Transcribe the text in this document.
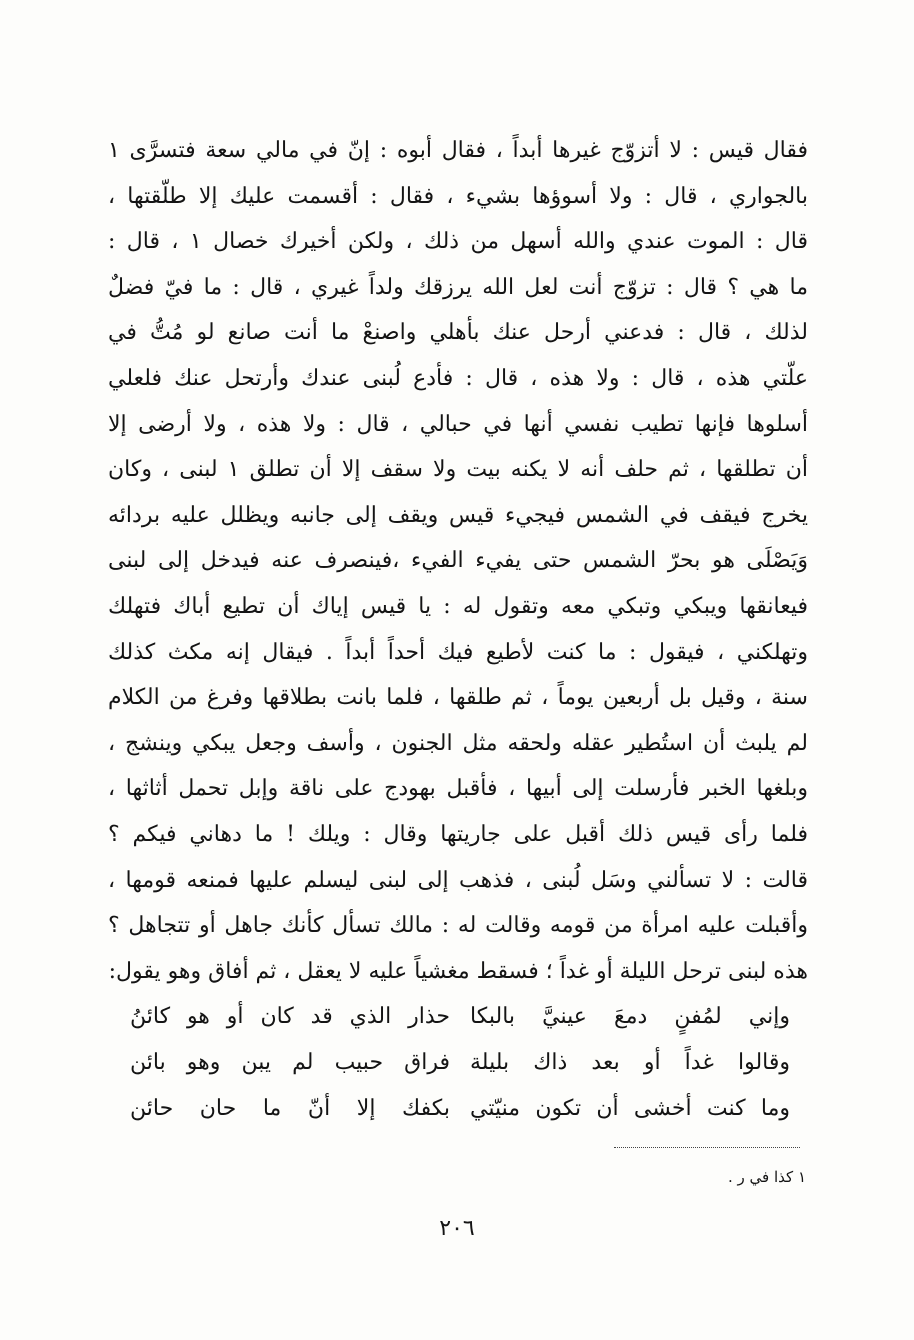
فقال قيس : لا أتزوّج غيرها أبداً ، فقال أبوه : إنّ في مالي سعة فتسرَّى ١
بالجواري ، قال : ولا أسوؤها بشيء ، فقال : أقسمت عليك إلا طلّقتها ،
قال : الموت عندي والله أسهل من ذلك ، ولكن أخيرك خصال ١ ، قال :
ما هي ؟ قال : تزوّج أنت لعل الله يرزقك ولداً غيري ، قال : ما فيّ فضلٌ
لذلك ، قال : فدعني أرحل عنك بأهلي واصنعْ ما أنت صانع لو مُتُّ في
علّتي هذه ، قال : ولا هذه ، قال : فأدع لُبنى عندك وأرتحل عنك فلعلي
أسلوها فإنها تطيب نفسي أنها في حبالي ، قال : ولا هذه ، ولا أرضى إلا
أن تطلقها ، ثم حلف أنه لا يكنه بيت ولا سقف إلا أن تطلق ١ لبنى ، وكان
يخرج فيقف في الشمس فيجيء قيس ويقف إلى جانبه ويظلل عليه بردائه
وَيَصْلَى هو بحرّ الشمس حتى يفيء الفيء ،فينصرف عنه فيدخل إلى لبنى
فيعانقها ويبكي وتبكي معه وتقول له : يا قيس إياك أن تطيع أباك فتهلك
وتهلكني ، فيقول : ما كنت لأطيع فيك أحداً أبداً . فيقال إنه مكث كذلك
سنة ، وقيل بل أربعين يوماً ، ثم طلقها ، فلما بانت بطلاقها وفرغ من الكلام
لم يلبث أن استُطير عقله ولحقه مثل الجنون ، وأسف وجعل يبكي وينشج ،
وبلغها الخبر فأرسلت إلى أبيها ، فأقبل بهودج على ناقة وإبل تحمل أثاثها ،
فلما رأى قيس ذلك أقبل على جاريتها وقال : ويلك ! ما دهاني فيكم ؟
قالت : لا تسألني وسَل لُبنى ، فذهب إلى لبنى ليسلم عليها فمنعه قومها ،
وأقبلت عليه امرأة من قومه وقالت له : مالك تسأل كأنك جاهل أو تتجاهل ؟
هذه لبنى ترحل الليلة أو غداً ؛ فسقط مغشياً عليه لا يعقل ، ثم أفاق وهو يقول:
وإني لمُفنٍ دمعَ عينيَّ بالبكا
حذار الذي قد كان أو هو كائنُ
وقالوا غداً أو بعد ذاك بليلة
فراق حبيب لم يبن وهو بائن
وما كنت أخشى أن تكون منيّتي
بكفك إلا أنّ ما حان حائن
١ كذا في ر .
٢٠٦
